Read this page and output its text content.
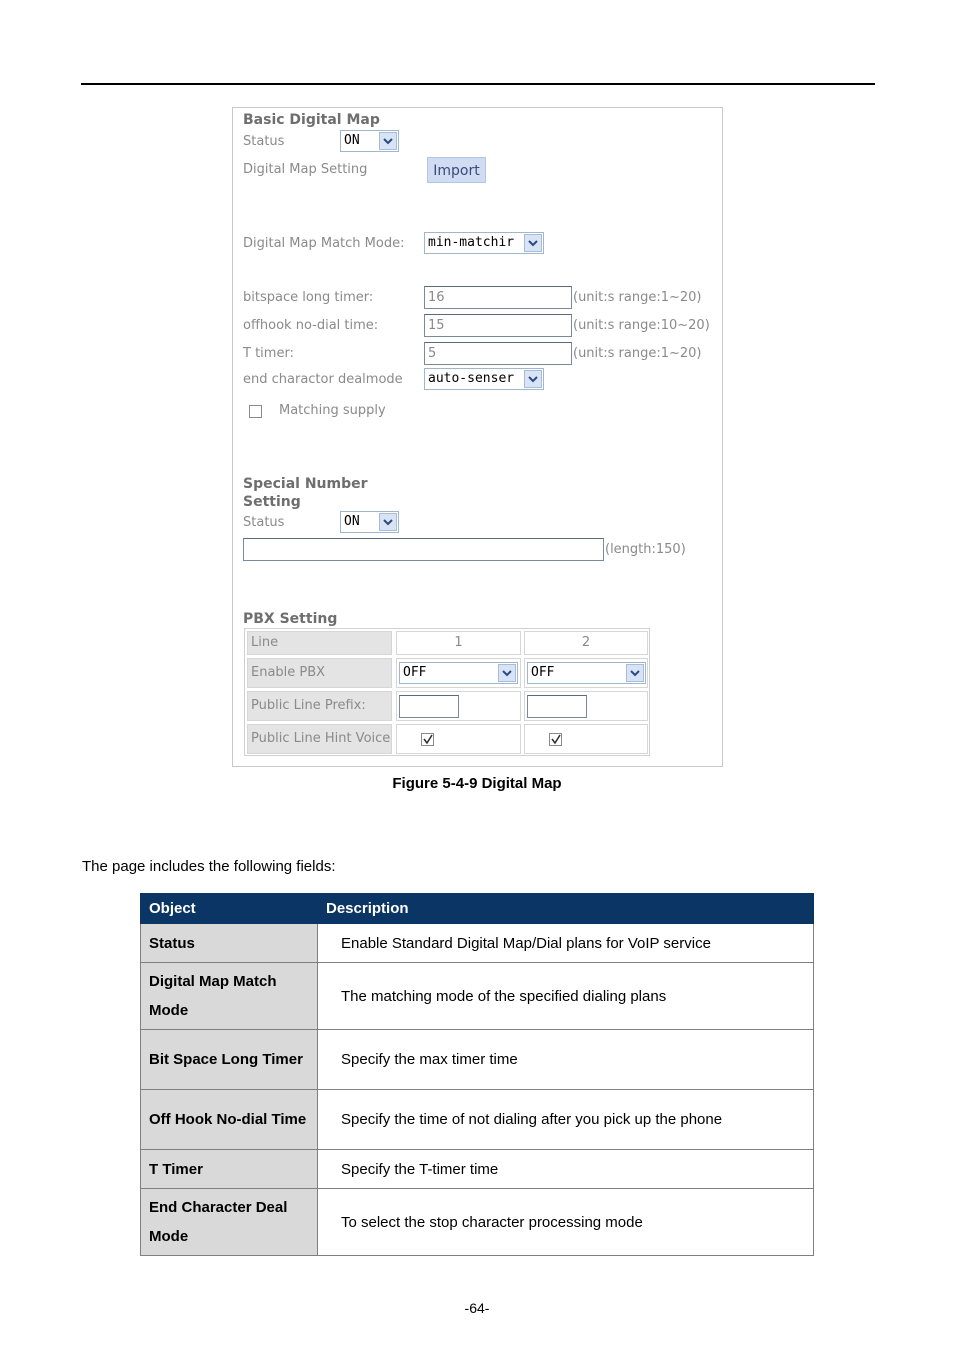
Basic Digital Map
Status	ON
Digital Map Setting	Import
Digital Map Match Mode: min-matchir
bitspace long timer:	16	(unit:s range:1~20)
offhook no-dial time:	15	(unit:s range:10~20)
T timer:	5	(unit:s range:1~20)
end charactor dealmode auto-senser
Matching supply
Special Number
Setting
Status	ON
(length:150)
PBX Setting
Line	1	2
Enable PBX	OFF	OFF
Public Line Prefix:
Public Line Hint Voice
Figure 5-4-9 Digital Map
The page includes the following fields:
Object	Description
Status	Enable Standard Digital Map/Dial plans for VoIP service
Digital Map Match Mode	The matching mode of the specified dialing plans
Bit Space Long Timer	Specify the max timer time
Off Hook No-dial Time	Specify the time of not dialing after you pick up the phone
T Timer	Specify the T-timer time
End Character Deal Mode	To select the stop character processing mode
-64-
